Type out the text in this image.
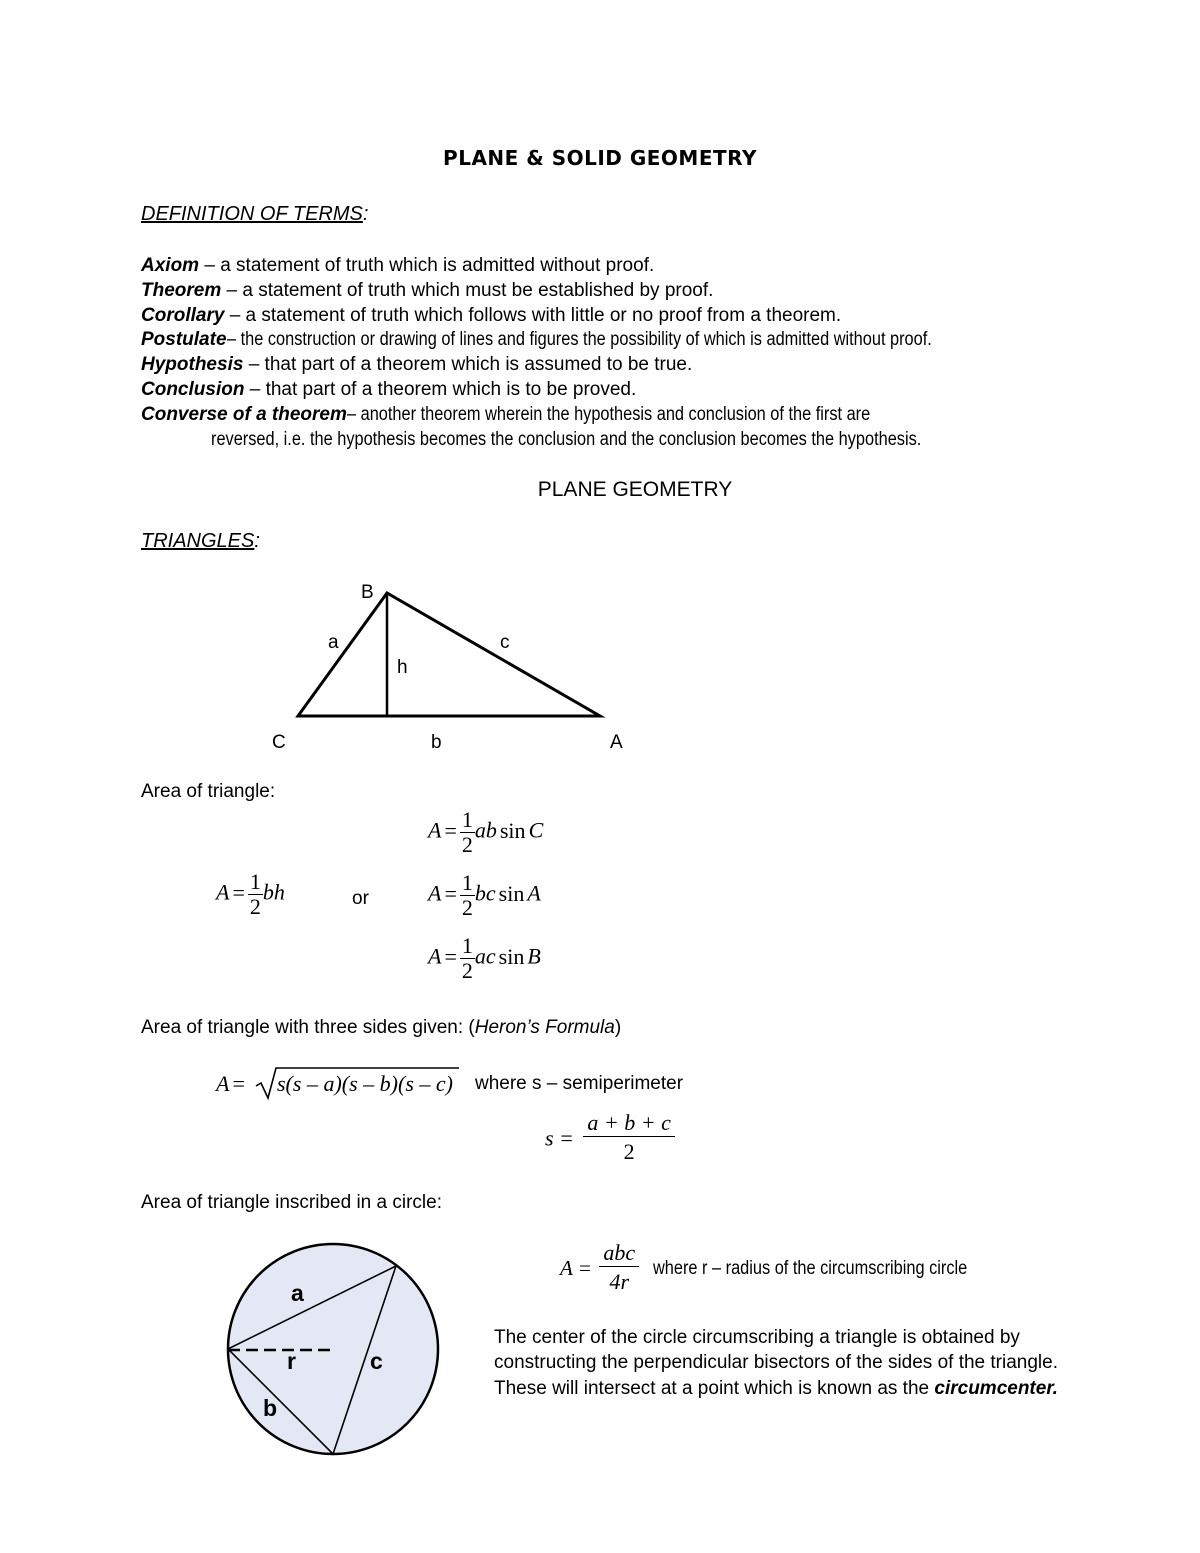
PLANE & SOLID GEOMETRY
DEFINITION OF TERMS:
Axiom – a statement of truth which is admitted without proof.
Theorem – a statement of truth which must be established by proof.
Corollary – a statement of truth which follows with little or no proof from a theorem.
Postulate– the construction or drawing of lines and figures the possibility of which is admitted without proof.
Hypothesis – that part of a theorem which is assumed to be true.
Conclusion – that part of a theorem which is to be proved.
Converse of a theorem– another theorem wherein the hypothesis and conclusion of the first are
reversed, i.e. the hypothesis becomes the conclusion and the conclusion becomes the hypothesis.
PLANE GEOMETRY
TRIANGLES:
B
a	c
h
C	b	A
Area of triangle:
$A = \frac{1}{2}$ bh	or
$A = \frac{1}{2}$ ab sin C
$A = \frac{1}{2}$ bc sin A
$A = \frac{1}{2}$ ac sin B
Area of triangle with three sides given: (Heron’s Formula)
A = s(s – a)(s – b)(s – c) where s – semiperimeter
$s = \frac{a + b + c}{2}$
Area of triangle inscribed in a circle:
a
r	c
b
$A = \frac{\text{abc}}{4r}$ where r – radius of the circumscribing circle
The center of the circle circumscribing a triangle is obtained by constructing the perpendicular bisectors of the sides of the triangle. These will intersect at a point which is known as the circumcenter.
